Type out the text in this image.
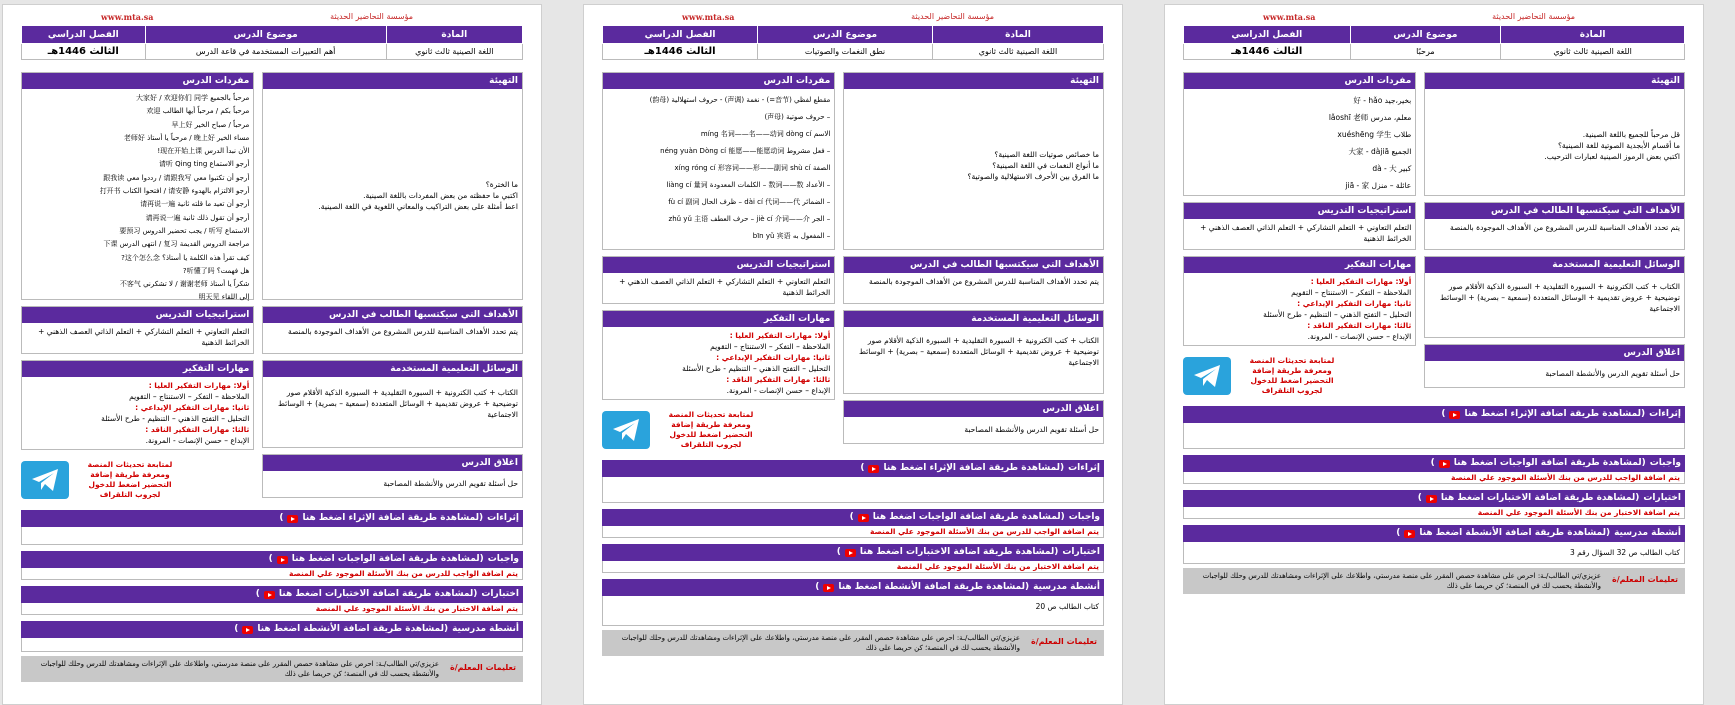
www.mta.sa	مؤسسة التحاضير الحديثة
المادة	موضوع الدرس	الفصل الدراسي
اللغة الصينية ثالث ثانوي	مرحبًا	الثالث 1446هـ
التهيئة
قل مرحباً للجميع باللغة الصينية.
ما أقسام الأبجدية الصوتية للغة الصينية؟
اكتبي بعض الرموز الصينية لعبارات الترحيب.
الأهداف التي سيكتسبها الطالب في الدرس
يتم تحدد الأهداف المناسبة للدرس المشروع من الأهداف الموجودة بالمنصة
الوسائل التعليمية المستخدمة
الكتاب + كتب الكترونية + السبورة التقليدية + السبورة الذكية الأقلام صور توضيحية + عروض تقديمية + الوسائل المتعددة (سمعية – بصرية) + الوسائط الاجتماعية
اغلاق الدرس
حل أسئلة تقويم الدرس والأنشطة المصاحبة
مفردات الدرس
بخير،جيد 好 - hǎo
معلم، مدرس lǎoshī 老师
طلاب xuéshēng 学生
الجميع 大家 - dàjiā
كبير dà - 大
عائلة – منزل jiā - 家
استراتيجيات التدريس
التعلم التعاوني + التعلم التشاركي + التعلم الذاتي العصف الذهني + الخرائط الذهنية
مهارات التفكير
أولا: مهارات التفكير العليا :
الملاحظة – التفكر – الاستنتاج – التقويم
ثانيا: مهارات التفكير الإبداعي :
التحليل – التفتح الذهني – التنظيم - طرح الأسئلة
ثالثا: مهارات التفكير الناقد :
الإبداع – حسن الإنصات - المرونة.
لمتابعة تحديثات المنصة ومعرفة طريقة إضافة التحضير اضغط للدخول لجروب التلقراف
إثراءات
(لمشاهدة طريقة اضافة الإثراء اضغط هنا
)
واجبات
(لمشاهدة طريقة اضافة الواجبات اضغط هنا
)
يتم اضافة الواجب للدرس من بنك الأسئلة الموجود علي المنصة
اختبارات
(لمشاهدة طريقة اضافة الاختبارات اضغط هنا
)
يتم اضافة الاختبار من بنك الأسئلة الموجود علي المنصة
أنشطة مدرسية
(لمشاهدة طريقة اضافة الأنشطة اضغط هنا
)
كتاب الطالب ص 32 السؤال رقم 3
تعليمات المعلم/ة
عزيزي/تي الطالب/ـة: احرص على مشاهدة حصص المقرر على منصة مدرستي، واطلاعك على الإثراءات ومشاهدتك للدرس وحلك للواجبات والأنشطة يحسب لك في المنصة؛ كن حريصا على ذلك
www.mta.sa	مؤسسة التحاضير الحديثة
المادة	موضوع الدرس	الفصل الدراسي
اللغة الصينية ثالث ثانوي	نطق النغمات والصوتيات	الثالث 1446هـ
التهيئة
ما خصائص صوتيات اللغة الصينية؟
ما أنواع النغمات في اللغة الصينية؟
ما الفرق بين الأحرف الاستهلالية والصوتية؟
الأهداف التي سيكتسبها الطالب في الدرس
يتم تحدد الأهداف المناسبة للدرس المشروع من الأهداف الموجودة بالمنصة
الوسائل التعليمية المستخدمة
الكتاب + كتب الكترونية + السبورة التقليدية + السبورة الذكية الأقلام صور توضيحية + عروض تقديمية + الوسائل المتعددة (سمعية – بصرية) + الوسائط الاجتماعية
اغلاق الدرس
حل أسئلة تقويم الدرس والأنشطة المصاحبة
مفردات الدرس
مقطع لفظي (音节=) - نغمة (声调) - حروف استهلالية (韵母)
– حروف صوتية (声母)
الاسم míng 名词——名——动词 dòng cí
– فعل مشروط néng yuàn Dòng cí 能愿——能愿动词
الصفة xíng róng cí 形容词——形——副词 shù cí
– الأعداد 数词——数 – الكلمات المعدودة liàng cí 量词
– الضمائر dài cí 代词——代 – ظرف الحال fù cí 副词
– الجر jiè cí 介词——介 – حرف العطف zhǔ yǔ 主语
– المفعول به bīn yǔ 宾语
استراتيجيات التدريس
التعلم التعاوني + التعلم التشاركي + التعلم الذاتي العصف الذهني + الخرائط الذهنية
مهارات التفكير
أولا: مهارات التفكير العليا :
الملاحظة – التفكر – الاستنتاج – التقويم
ثانيا: مهارات التفكير الإبداعي :
التحليل – التفتح الذهني – التنظيم - طرح الأسئلة
ثالثا: مهارات التفكير الناقد :
الإبداع – حسن الإنصات - المرونة.
لمتابعة تحديثات المنصة ومعرفة طريقة إضافة التحضير اضغط للدخول لجروب التلقراف
إثراءات
(لمشاهدة طريقة اضافة الإثراء اضغط هنا
)
واجبات
(لمشاهدة طريقة اضافة الواجبات اضغط هنا
)
يتم اضافة الواجب للدرس من بنك الأسئلة الموجود علي المنصة
اختبارات
(لمشاهدة طريقة اضافة الاختبارات اضغط هنا
)
يتم اضافة الاختبار من بنك الأسئلة الموجود علي المنصة
أنشطة مدرسية
(لمشاهدة طريقة اضافة الأنشطة اضغط هنا
)
كتاب الطالب ص 20
تعليمات المعلم/ة
عزيزي/تي الطالب/ـة: احرص على مشاهدة حصص المقرر على منصة مدرستي، واطلاعك على الإثراءات ومشاهدتك للدرس وحلك للواجبات والأنشطة يحسب لك في المنصة؛ كن حريصا على ذلك
www.mta.sa	مؤسسة التحاضير الحديثة
المادة	موضوع الدرس	الفصل الدراسي
اللغة الصينية ثالث ثانوي	أهم التعبيرات المستخدمة في قاعة الدرس	الثالث 1446هـ
التهيئة
ما الخترة؟
اكتبي ما حفظته من بعض المفردات باللغة الصينية.
اعط أمثلة على بعض التراكيب والمعاني اللغوية في اللغة الصينية.
الأهداف التي سيكتسبها الطالب في الدرس
يتم تحدد الأهداف المناسبة للدرس المشروع من الأهداف الموجودة بالمنصة
الوسائل التعليمية المستخدمة
الكتاب + كتب الكترونية + السبورة التقليدية + السبورة الذكية الأقلام صور توضيحية + عروض تقديمية + الوسائل المتعددة (سمعية – بصرية) + الوسائط الاجتماعية
اغلاق الدرس
حل أسئلة تقويم الدرس والأنشطة المصاحبة
مفردات الدرس
مرحباً بالجميع 大家好 / 欢迎你们 同学
مرحباً بكم / مرحباً أيها الطالب 欢迎
مرحباً / صباح الخير 早上好
مساء الخير 晚上好 / مرحباً يا أستاذ 老师好
الأن نبدأ الدرس 现在开始上课!
أرجو الاستماع 请听 Qing ting
أرجو أن تكتبوا معي 请跟我写 / رددوا معي 跟我读
أرجو الالتزام بالهدوء 请安静 / افتحوا الكتاب 打开书
أرجو أن تعيد ما قلته ثانية 请再说一遍
أرجو أن تقول ذلك ثانية 请再说一遍
الاستماع 听写 / يجب تحضير الدروس 要预习
مراجعة الدروس القديمة 复习 / انتهى الدرس 下课
كيف تقرأ هذه الكلمة يا أستاذ؟ 这个怎么念?
هل فهمت؟ 听懂了吗?
شكراً يا أستاذ 谢谢老师 / لا تشكرني 不客气
إلى اللقاء 明天见
استراتيجيات التدريس
التعلم التعاوني + التعلم التشاركي + التعلم الذاتي العصف الذهني + الخرائط الذهنية
مهارات التفكير
أولا: مهارات التفكير العليا :
الملاحظة – التفكر – الاستنتاج – التقويم
ثانيا: مهارات التفكير الإبداعي :
التحليل – التفتح الذهني – التنظيم - طرح الأسئلة
ثالثا: مهارات التفكير الناقد :
الإبداع – حسن الإنصات - المرونة.
لمتابعة تحديثات المنصة ومعرفة طريقة إضافة التحضير اضغط للدخول لجروب التلقراف
إثراءات
(لمشاهدة طريقة اضافة الإثراء اضغط هنا
)
واجبات
(لمشاهدة طريقة اضافة الواجبات اضغط هنا
)
يتم اضافة الواجب للدرس من بنك الأسئلة الموجود علي المنصة
اختبارات
(لمشاهدة طريقة اضافة الاختبارات اضغط هنا
)
يتم اضافة الاختبار من بنك الأسئلة الموجود علي المنصة
أنشطة مدرسية
(لمشاهدة طريقة اضافة الأنشطة اضغط هنا
)
تعليمات المعلم/ة
عزيزي/تي الطالب/ـة: احرص على مشاهدة حصص المقرر على منصة مدرستي، واطلاعك على الإثراءات ومشاهدتك للدرس وحلك للواجبات والأنشطة يحسب لك في المنصة؛ كن حريصا على ذلك
